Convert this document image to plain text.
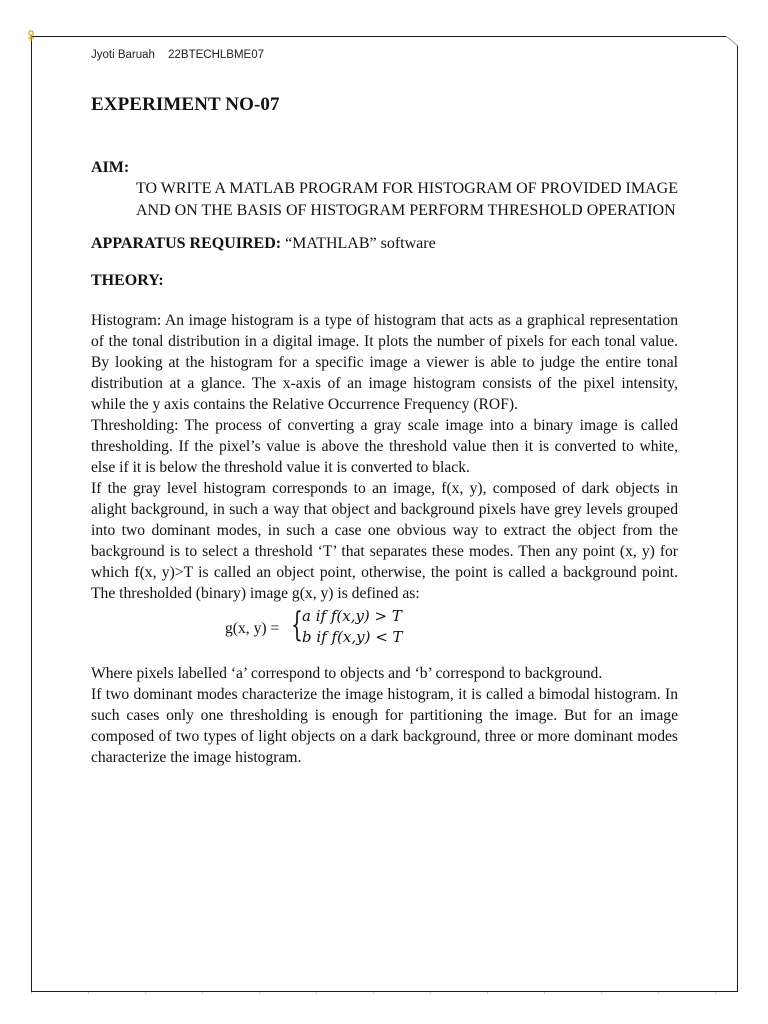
Jyoti Baruah 22BTECHLBME07
EXPERIMENT NO-07
AIM:
TO WRITE A MATLAB PROGRAM FOR HISTOGRAM OF PROVIDED IMAGE AND ON THE BASIS OF HISTOGRAM PERFORM THRESHOLD OPERATION
APPARATUS REQUIRED: “MATHLAB” software
THEORY:

Histogram: An image histogram is a type of histogram that acts as a graphical representation of the tonal distribution in a digital image. It plots the number of pixels for each tonal value. By looking at the histogram for a specific image a viewer is able to judge the entire tonal distribution at a glance. The x-axis of an image histogram consists of the pixel intensity, while the y axis contains the Relative Occurrence Frequency (ROF).

Thresholding: The process of converting a gray scale image into a binary image is called thresholding. If the pixel’s value is above the threshold value then it is converted to white, else if it is below the threshold value it is converted to black.

If the gray level histogram corresponds to an image, f(x, y), composed of dark objects in alight background, in such a way that object and background pixels have grey levels grouped into two dominant modes, in such a case one obvious way to extract the object from the background is to select a threshold ‘T’ that separates these modes. Then any point (x, y) for which f(x, y)>T is called an object point, otherwise, the point is called a background point. The thresholded (binary) image g(x, y) is defined as:

g(x, y) = { a if f(x,y) > T
b if f(x,y) < T

Where pixels labelled ‘a’ correspond to objects and ‘b’ correspond to background.

If two dominant modes characterize the image histogram, it is called a bimodal histogram. In such cases only one thresholding is enough for partitioning the image. But for an image composed of two types of light objects on a dark background, three or more dominant modes characterize the image histogram.
